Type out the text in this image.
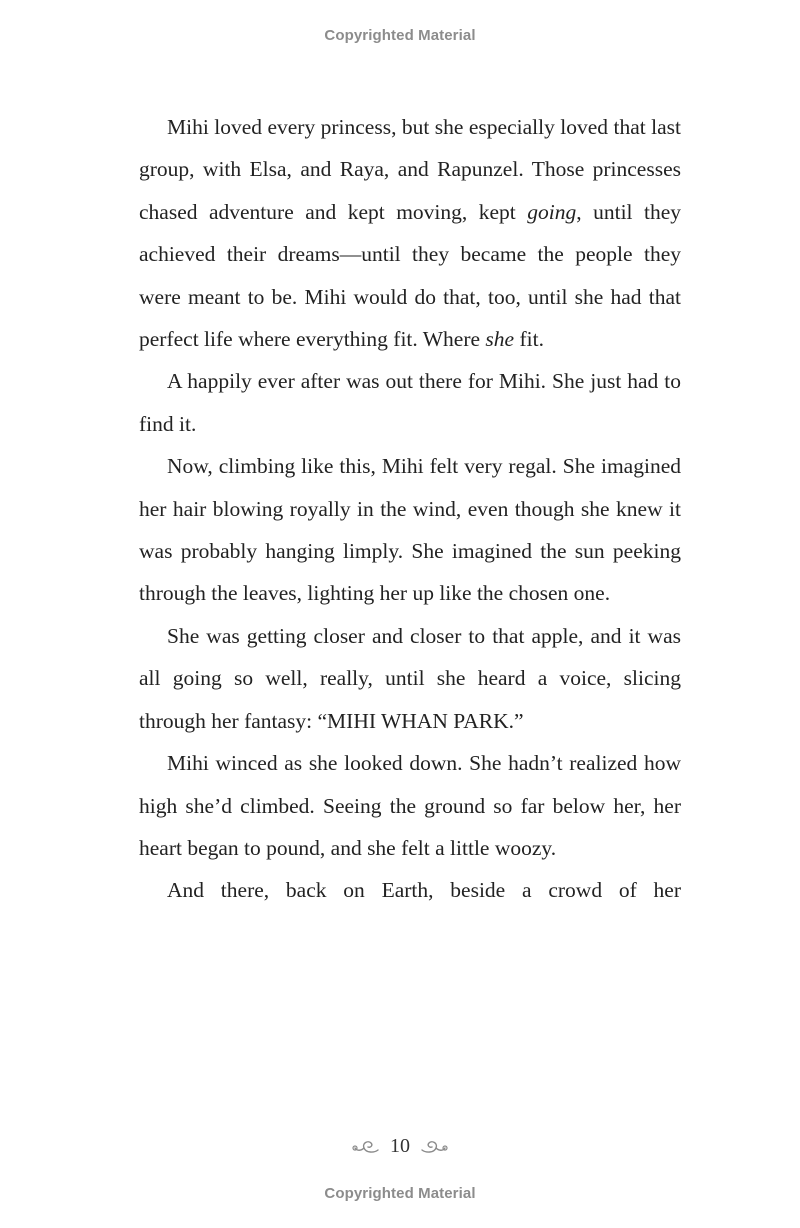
Copyrighted Material

Mihi loved every princess, but she especially loved that last group, with Elsa, and Raya, and Rapunzel. Those princesses chased adventure and kept moving, kept going, until they achieved their dreams—until they became the people they were meant to be. Mihi would do that, too, until she had that perfect life where everything fit. Where she fit.

A happily ever after was out there for Mihi. She just had to find it.

Now, climbing like this, Mihi felt very regal. She imagined her hair blowing royally in the wind, even though she knew it was probably hanging limply. She imagined the sun peeking through the leaves, lighting her up like the chosen one.

She was getting closer and closer to that apple, and it was all going so well, really, until she heard a voice, slicing through her fantasy: “MIHI WHAN PARK.”

Mihi winced as she looked down. She hadn’t realized how high she’d climbed. Seeing the ground so far below her, her heart began to pound, and she felt a little woozy.

And there, back on Earth, beside a crowd of her

10
Copyrighted Material
